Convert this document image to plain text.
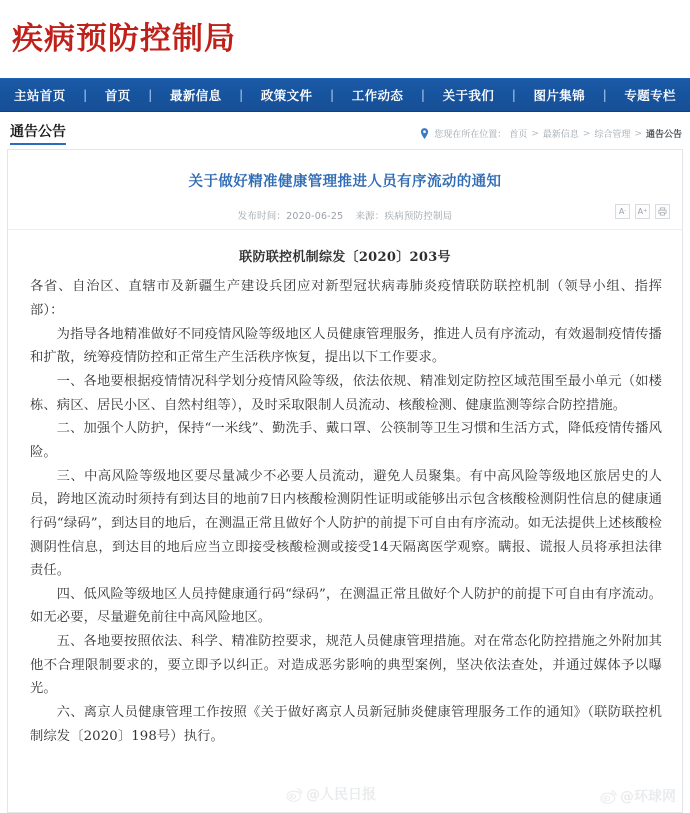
疾病预防控制局
主站首页 | 首页 | 最新信息 | 政策文件 | 工作动态 | 关于我们 | 图片集锦 | 专题专栏
通告公告	您现在所在位置： 首页 > 最新信息 > 综合管理 > 通告公告
关于做好精准健康管理推进人员有序流动的通知
发布时间：2020-06-25 来源：疾病预防控制局	A - A +
联防联控机制综发〔2020〕203号

各省、自治区、直辖市及新疆生产建设兵团应对新型冠状病毒肺炎疫情联防联控机制（领导小组、指挥部）：

为指导各地精准做好不同疫情风险等级地区人员健康管理服务，推进人员有序流动，有效遏制疫情传播和扩散，统筹疫情防控和正常生产生活秩序恢复，提出以下工作要求。

一、各地要根据疫情情况科学划分疫情风险等级，依法依规、精准划定防控区域范围至最小单元（如楼栋、病区、居民小区、自然村组等），及时采取限制人员流动、核酸检测、健康监测等综合防控措施。

二、加强个人防护，保持“一米线”、勤洗手、戴口罩、公筷制等卫生习惯和生活方式，降低疫情传播风险。

三、中高风险等级地区要尽量减少不必要人员流动，避免人员聚集。有中高风险等级地区旅居史的人员，跨地区流动时须持有到达目的地前7日内核酸检测阴性证明或能够出示包含核酸检测阴性信息的健康通行码“绿码”，到达目的地后，在测温正常且做好个人防护的前提下可自由有序流动。如无法提供上述核酸检测阴性信息，到达目的地后应当立即接受核酸检测或接受14天隔离医学观察。瞒报、谎报人员将承担法律责任。

四、低风险等级地区人员持健康通行码“绿码”，在测温正常且做好个人防护的前提下可自由有序流动。如无必要，尽量避免前往中高风险地区。

五、各地要按照依法、科学、精准防控要求，规范人员健康管理措施。对在常态化防控措施之外附加其他不合理限制要求的，要立即予以纠正。对造成恶劣影响的典型案例，坚决依法查处，并通过媒体予以曝光。

六、离京人员健康管理工作按照《关于做好离京人员新冠肺炎健康管理服务工作的通知》（联防联控机制综发〔2020〕198号）执行。

@人民日报	@环球网
